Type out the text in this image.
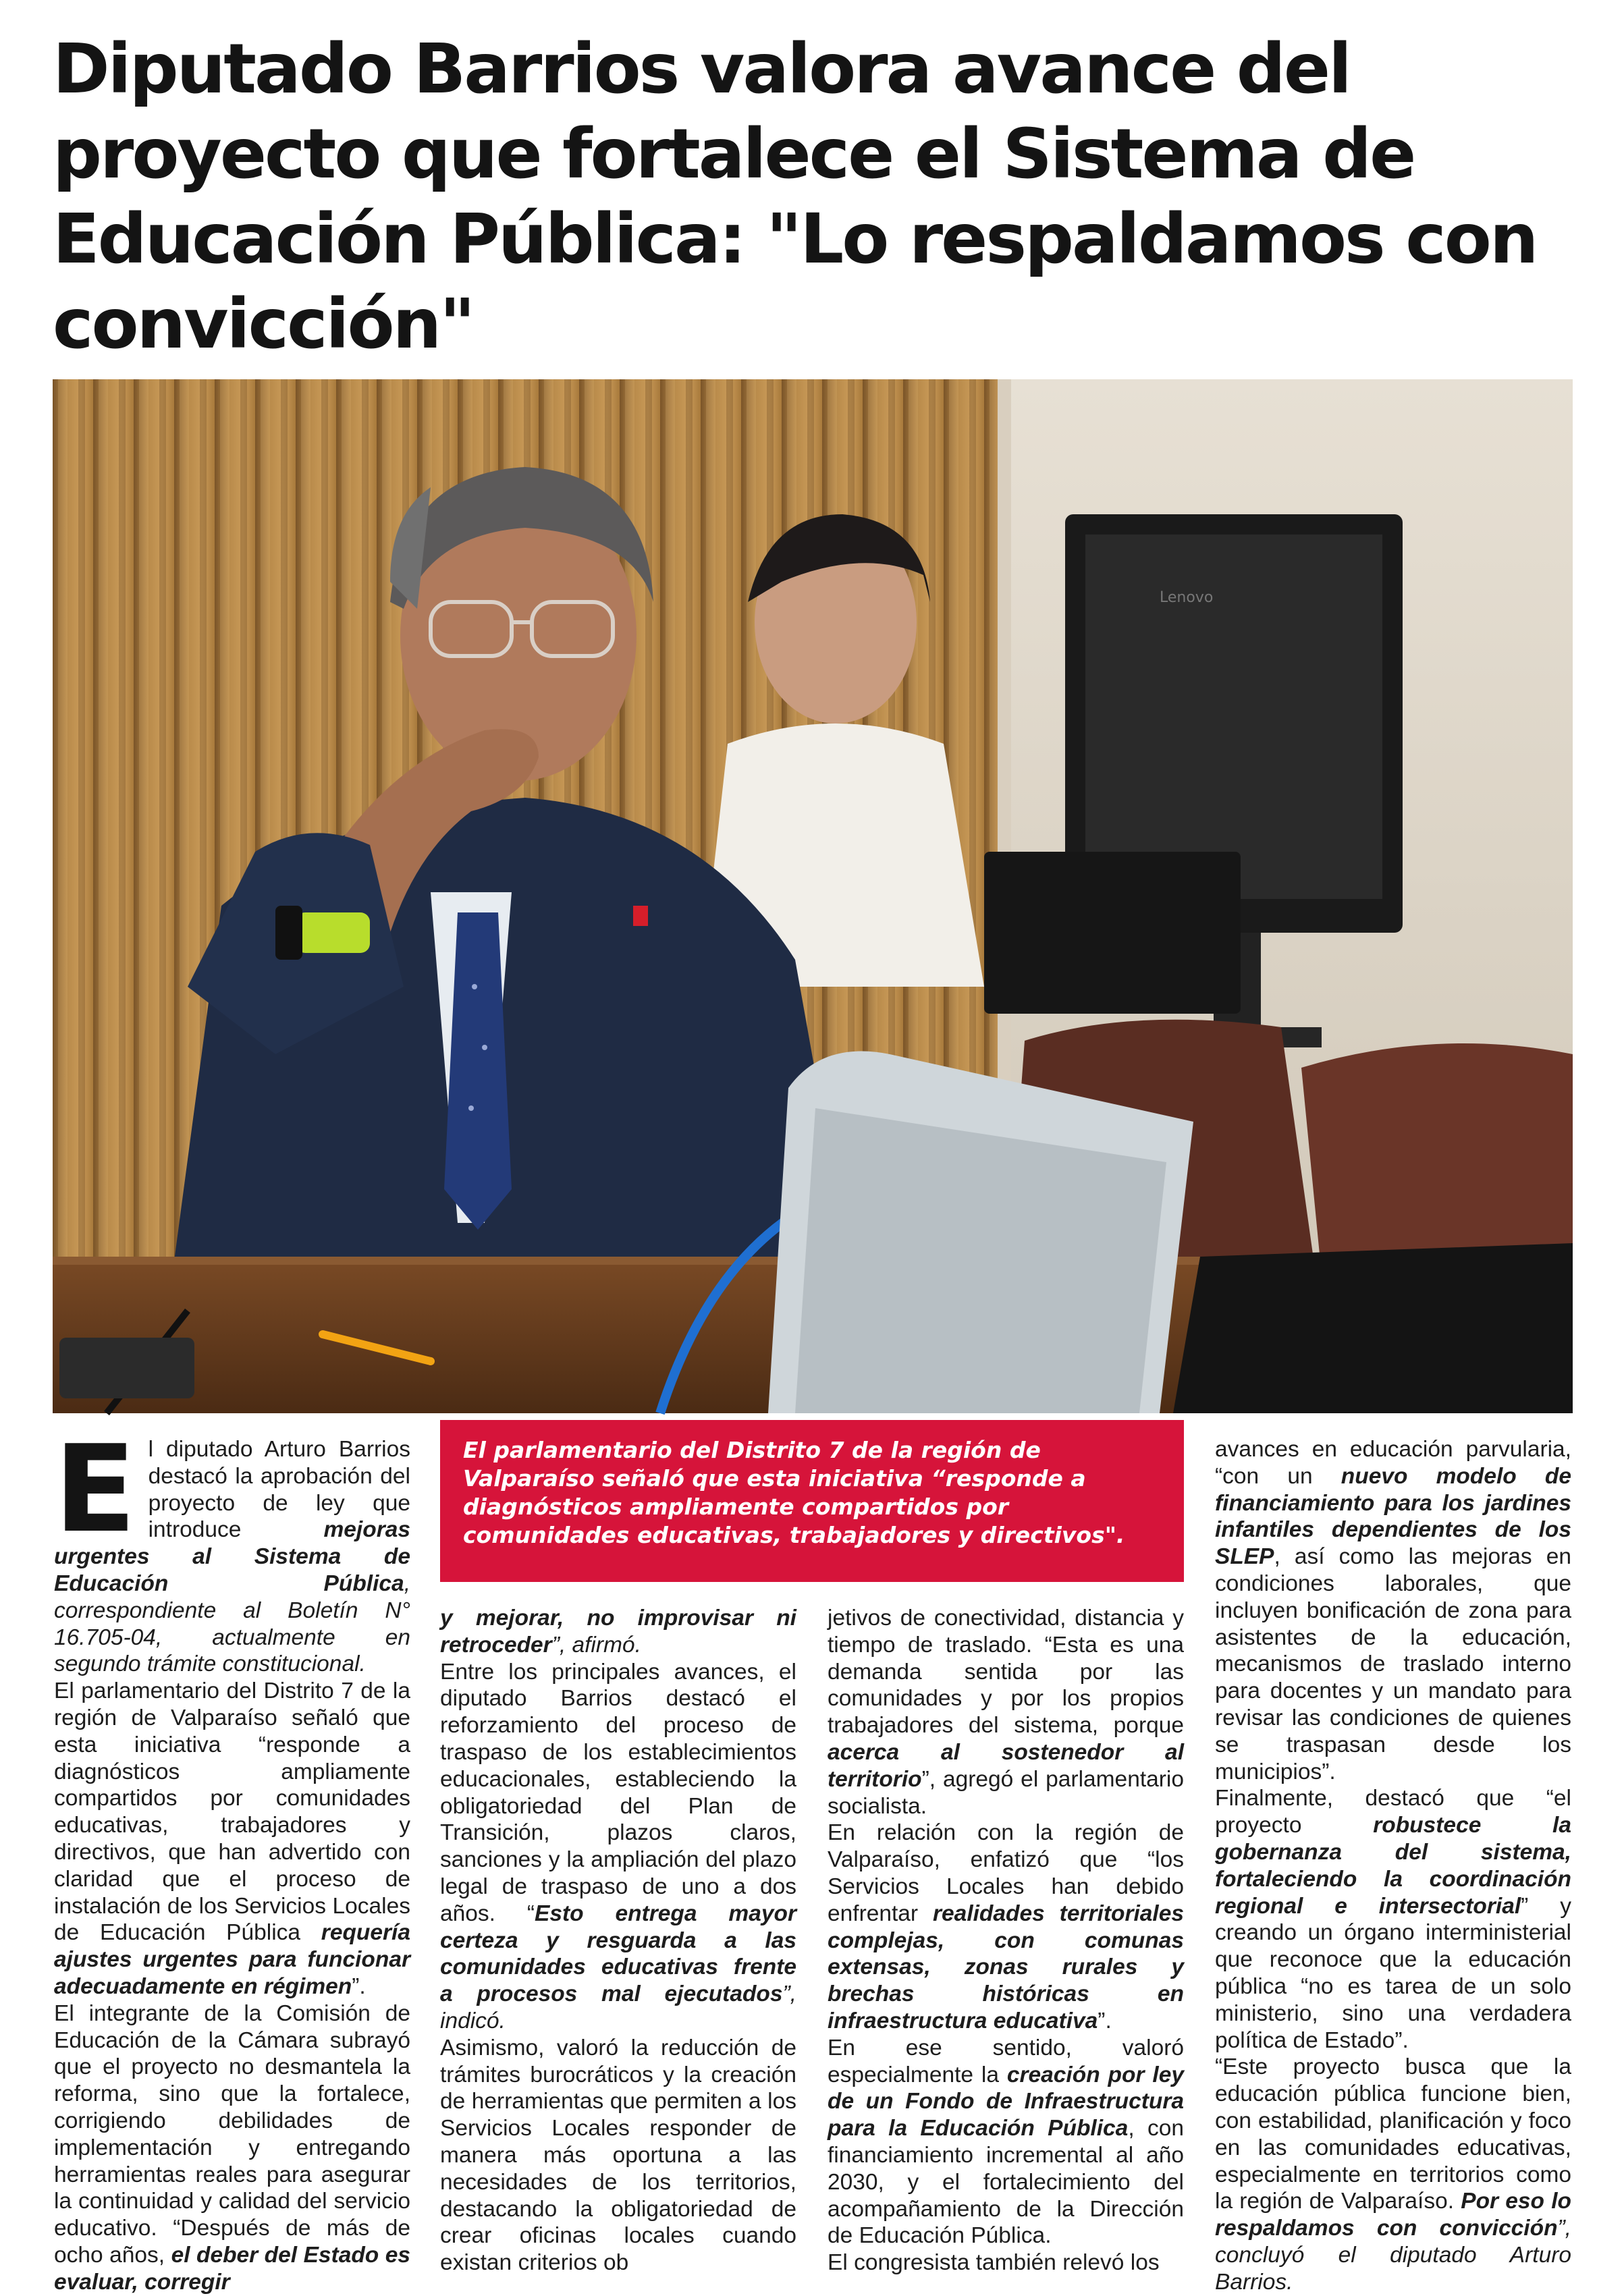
Diputado Barrios valora avance del proyecto que fortalece el Sistema de Educación Pública: "Lo respaldamos con convicción"
Lenovo
El parlamentario del Distrito 7 de la región de Valparaíso señaló que esta iniciativa “responde a diagnósticos ampliamente compartidos por comunidades educativas, trabajadores y directivos".

El diputado Arturo Barrios destacó la aprobación del proyecto de ley que introduce mejoras urgentes al Sistema de Educación Pública, correspondiente al Boletín N° 16.705-04, actualmente en segundo trámite constitucional.

El parlamentario del Distrito 7 de la región de Valparaíso señaló que esta iniciativa “responde a diagnósticos ampliamente compartidos por comunidades educativas, trabajadores y directivos, que han advertido con claridad que el proceso de instalación de los Servicios Locales de Educación Pública requería ajustes urgentes para funcionar adecuadamente en régimen”.

El integrante de la Comisión de Educación de la Cámara subrayó que el proyecto no desmantela la reforma, sino que la fortalece, corrigiendo debilidades de implementación y entregando herramientas reales para asegurar la continuidad y calidad del servicio educativo. “Después de más de ocho años, el deber del Estado es evaluar, corregir

y mejorar, no improvisar ni retroceder”, afirmó.

Entre los principales avances, el diputado Barrios destacó el reforzamiento del proceso de traspaso de los establecimientos educacionales, estableciendo la obligatoriedad del Plan de Transición, plazos claros, sanciones y la ampliación del plazo legal de traspaso de uno a dos años. “Esto entrega mayor certeza y resguarda a las comunidades educativas frente a procesos mal ejecutados”, indicó.

Asimismo, valoró la reducción de trámites burocráticos y la creación de herramientas que permiten a los Servicios Locales responder de manera más oportuna a las necesidades de los territorios, destacando la obligatoriedad de crear oficinas locales cuando existan criterios ob

jetivos de conectividad, distancia y tiempo de traslado. “Esta es una demanda sentida por las comunidades y por los propios trabajadores del sistema, porque acerca al sostenedor al territorio”, agregó el parlamentario socialista.

En relación con la región de Valparaíso, enfatizó que “los Servicios Locales han debido enfrentar realidades territoriales complejas, con comunas extensas, zonas rurales y brechas históricas en infraestructura educativa”.

En ese sentido, valoró especialmente la creación por ley de un Fondo de Infraestructura para la Educación Pública, con financiamiento incremental al año 2030, y el fortalecimiento del acompañamiento de la Dirección de Educación Pública.

El congresista también relevó los

avances en educación parvularia, “con un nuevo modelo de financiamiento para los jardines infantiles dependientes de los SLEP, así como las mejoras en condiciones laborales, que incluyen bonificación de zona para asistentes de la educación, mecanismos de traslado interno para docentes y un mandato para revisar las condiciones de quienes se traspasan desde los municipios”.

Finalmente, destacó que “el proyecto robustece la gobernanza del sistema, fortaleciendo la coordinación regional e intersectorial” y creando un órgano interministerial que reconoce que la educación pública “no es tarea de un solo ministerio, sino una verdadera política de Estado”.

“Este proyecto busca que la educación pública funcione bien, con estabilidad, planificación y foco en las comunidades educativas, especialmente en territorios como la región de Valparaíso. Por eso lo respaldamos con convicción”, concluyó el diputado Arturo Barrios.
